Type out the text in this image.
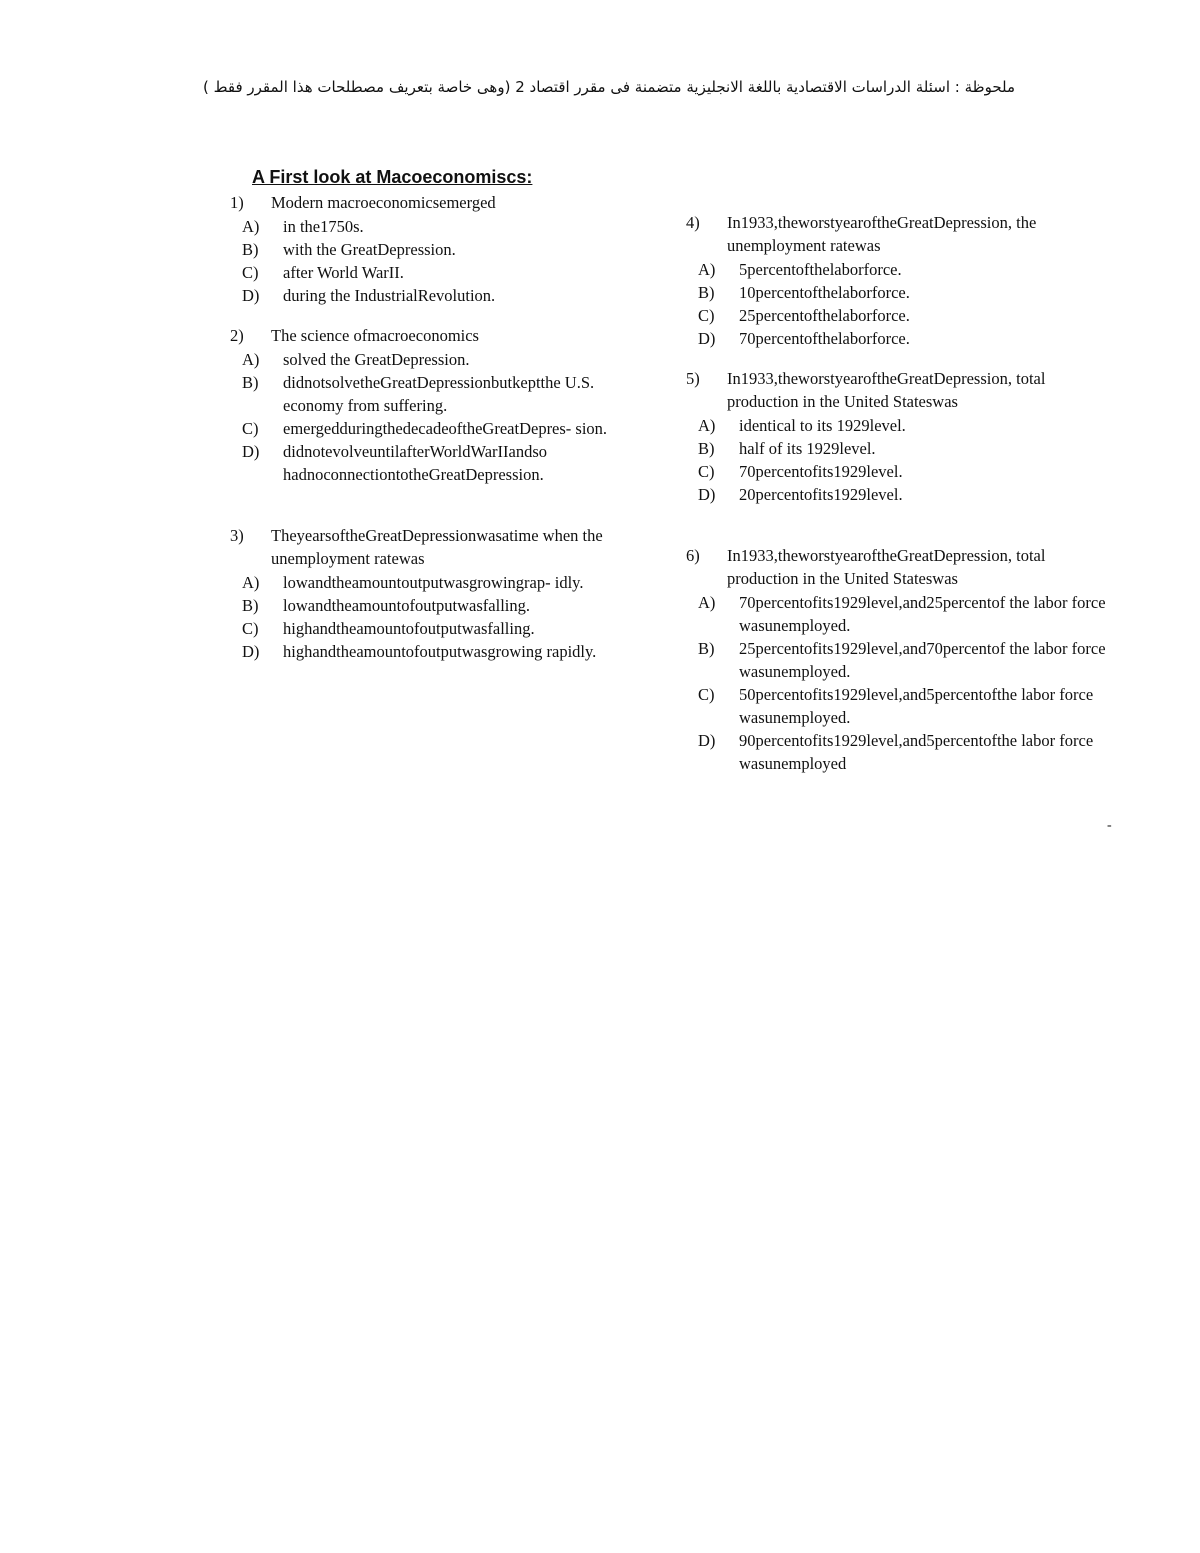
ملحوظة : اسئلة الدراسات الاقتصادية باللغة الانجليزية متضمنة فى مقرر اقتصاد 2 (وهى خاصة بتعريف مصطلحات هذا المقرر فقط )
A First look at Macoeconomiscs:
1)	Modern macroeconomicsemerged
A)	in the1750s.
B)	with the GreatDepression.
C)	after World WarII.
D)	during the IndustrialRevolution.
2)	The science ofmacroeconomics
A)	solved the GreatDepression.
B)	didnotsolvetheGreatDepressionbutkeptthe U.S. economy from suffering.
C)	emergedduringthedecadeoftheGreatDepres- sion.
D)	didnotevolveuntilafterWorldWarIIandso hadnoconnectiontotheGreatDepression.
3)	TheyearsoftheGreatDepressionwasatime when the unemployment ratewas
A)	lowandtheamountoutputwasgrowingrap- idly.
B)	lowandtheamountofoutputwasfalling.
C)	highandtheamountofoutputwasfalling.
D)	highandtheamountofoutputwasgrowing rapidly.
4)	In1933,theworstyearoftheGreatDepression, the unemployment ratewas
A)	5percentofthelaborforce.
B)	10percentofthelaborforce.
C)	25percentofthelaborforce.
D)	70percentofthelaborforce.
5)	In1933,theworstyearoftheGreatDepression, total production in the United Stateswas
A)	identical to its 1929level.
B)	half of its 1929level.
C)	70percentofits1929level.
D)	20percentofits1929level.
6)	In1933,theworstyearoftheGreatDepression, total production in the United Stateswas
A)	70percentofits1929level,and25percentof the labor force wasunemployed.
B)	25percentofits1929level,and70percentof the labor force wasunemployed.
C)	50percentofits1929level,and5percentofthe labor force wasunemployed.
D)	90percentofits1929level,and5percentofthe labor force wasunemployed
-
